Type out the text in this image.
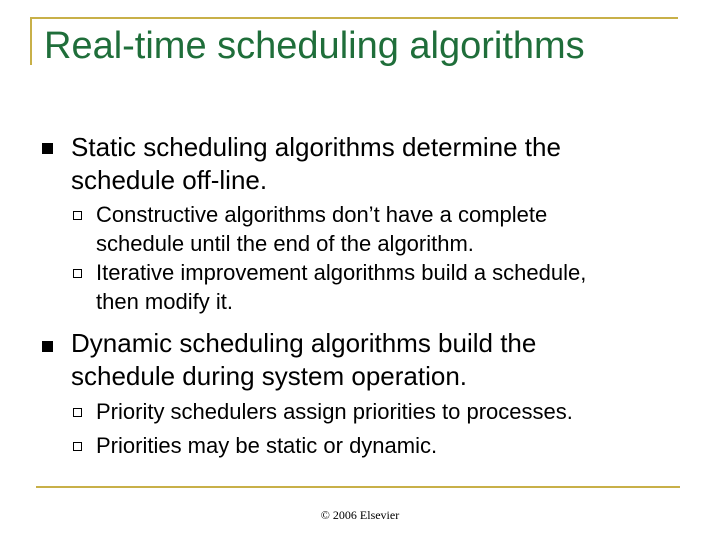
Real-time scheduling algorithms
Static scheduling algorithms determine the
schedule off-line.
Constructive algorithms don’t have a complete
schedule until the end of the algorithm.
Iterative improvement algorithms build a schedule,
then modify it.
Dynamic scheduling algorithms build the
schedule during system operation.
Priority schedulers assign priorities to processes.
Priorities may be static or dynamic.
© 2006 Elsevier
